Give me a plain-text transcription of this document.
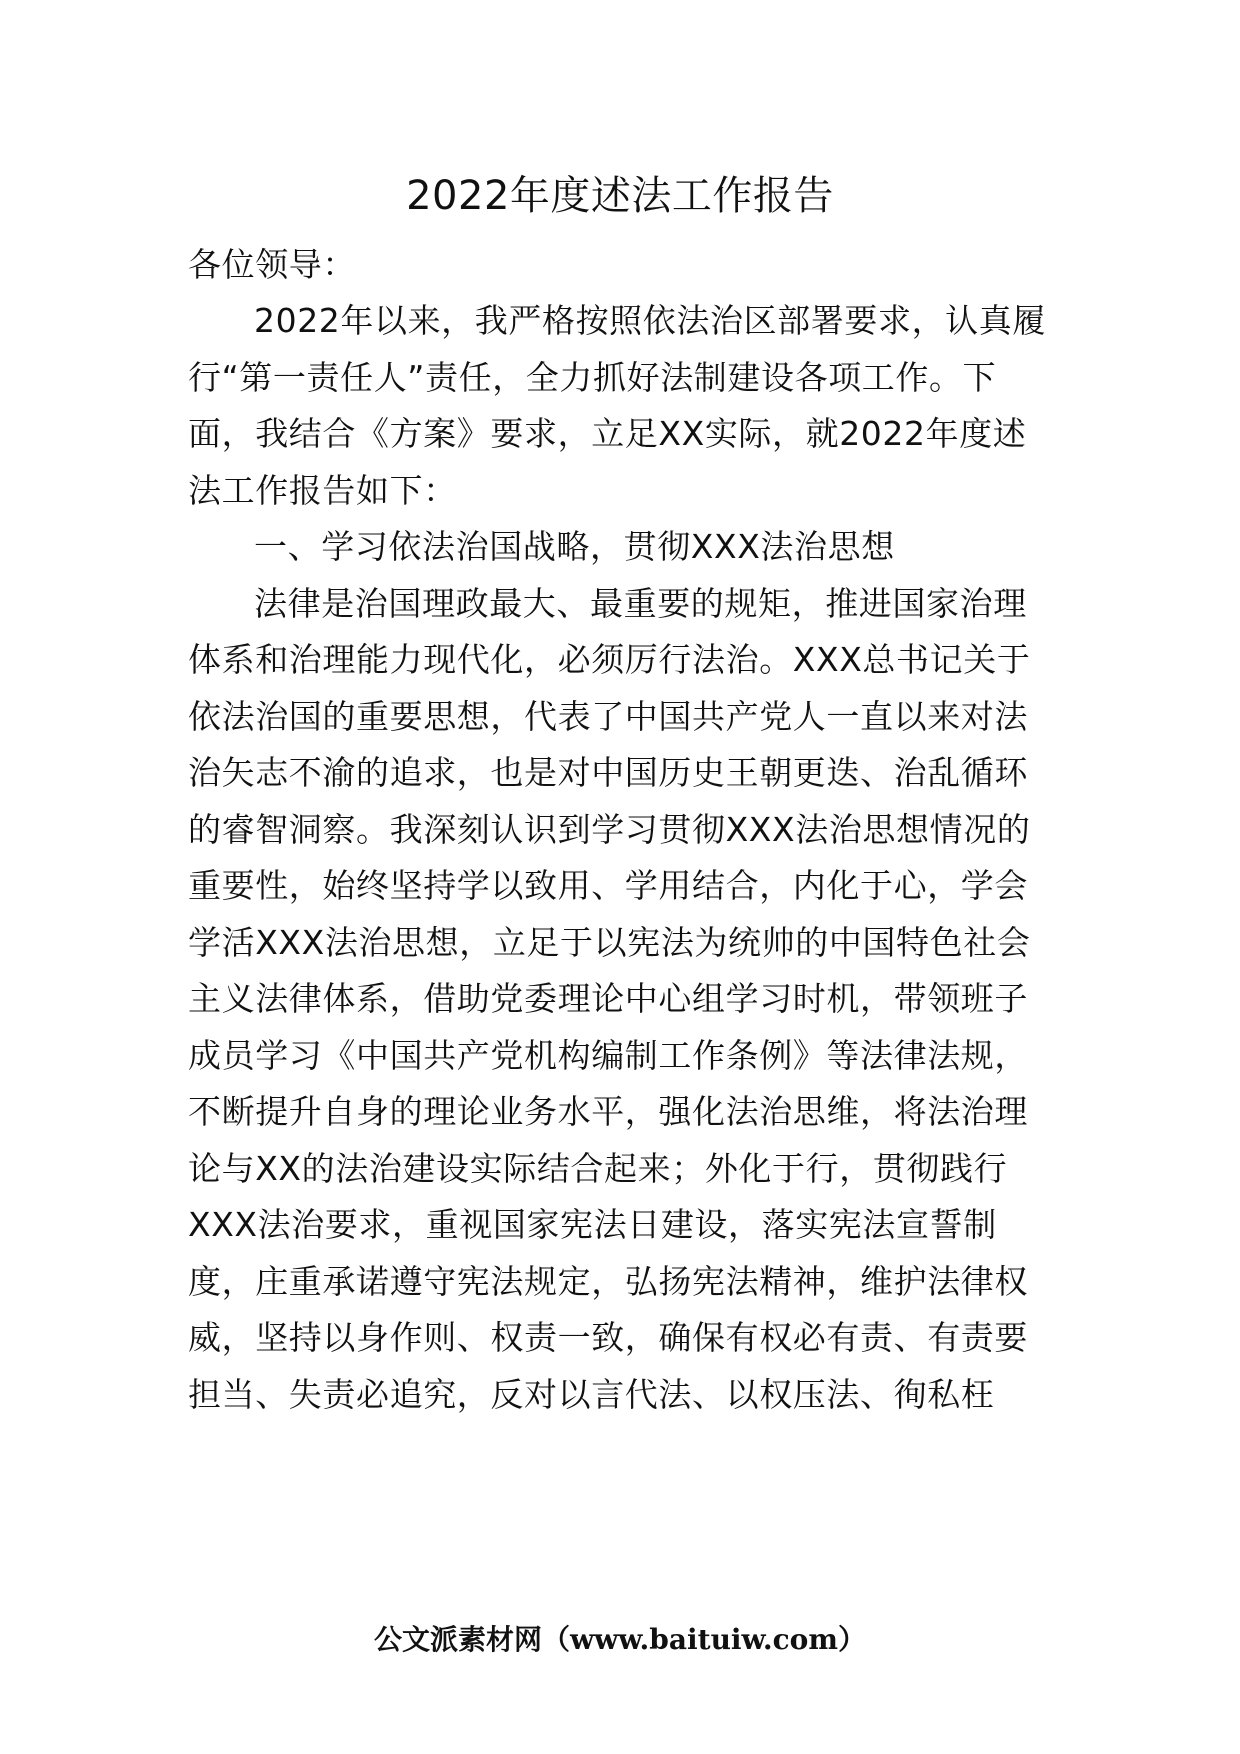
2022年度述法工作报告
各位领导：
2022年以来，我严格按照依法治区部署要求，认真履
行“第一责任人”责任，全力抓好法制建设各项工作。下
面，我结合《方案》要求，立足XX实际，就2022年度述
法工作报告如下：
一、学习依法治国战略，贯彻XXX法治思想
法律是治国理政最大、最重要的规矩，推进国家治理
体系和治理能力现代化，必须厉行法治。XXX总书记关于
依法治国的重要思想，代表了中国共产党人一直以来对法
治矢志不渝的追求，也是对中国历史王朝更迭、治乱循环
的睿智洞察。我深刻认识到学习贯彻XXX法治思想情况的
重要性，始终坚持学以致用、学用结合，内化于心，学会
学活XXX法治思想，立足于以宪法为统帅的中国特色社会
主义法律体系，借助党委理论中心组学习时机，带领班子
成员学习《中国共产党机构编制工作条例》等法律法规，
不断提升自身的理论业务水平，强化法治思维，将法治理
论与XX的法治建设实际结合起来；外化于行，贯彻践行
XXX法治要求，重视国家宪法日建设，落实宪法宣誓制
度，庄重承诺遵守宪法规定，弘扬宪法精神，维护法律权
威，坚持以身作则、权责一致，确保有权必有责、有责要
担当、失责必追究，反对以言代法、以权压法、徇私枉
公文派素材网（www.baituiw.com）
